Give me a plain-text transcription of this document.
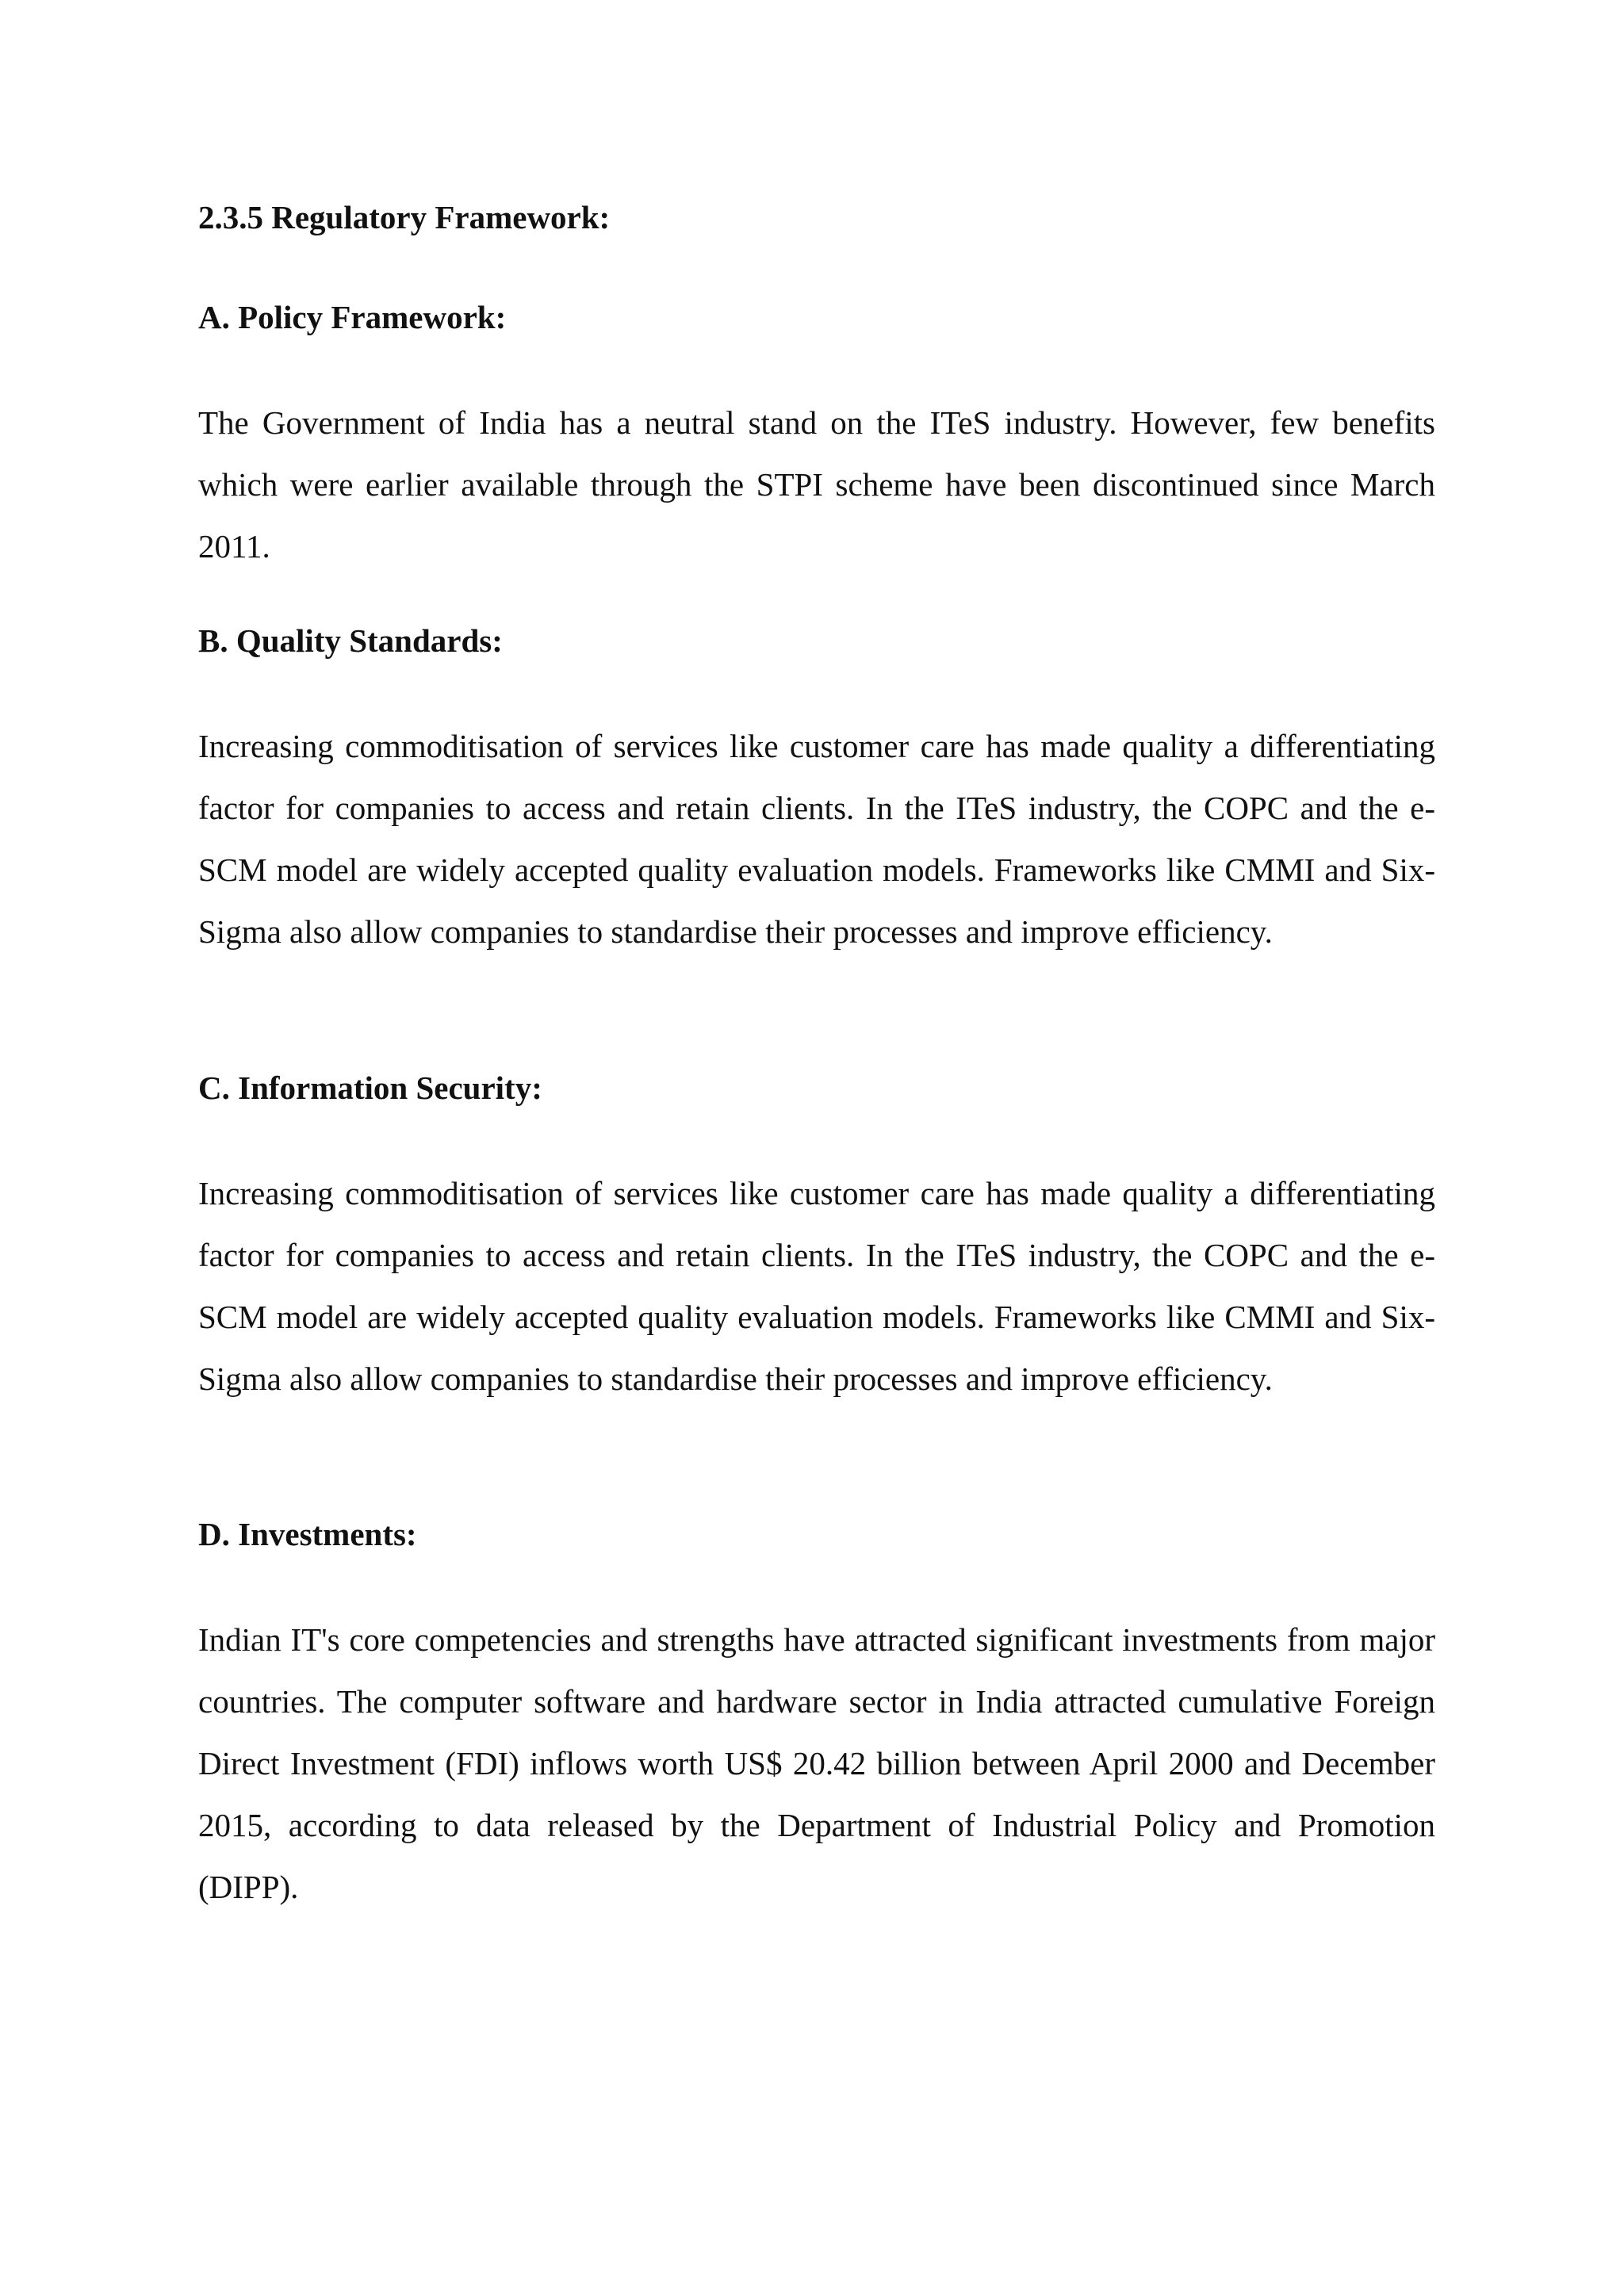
2.3.5 Regulatory Framework:
A. Policy Framework:

The Government of India has a neutral stand on the ITeS industry. However, few benefits which were earlier available through the STPI scheme have been discontinued since March 2011.

B. Quality Standards:

Increasing commoditisation of services like customer care has made quality a differentiating factor for companies to access and retain clients. In the ITeS industry, the COPC and the e-SCM model are widely accepted quality evaluation models. Frameworks like CMMI and Six-Sigma also allow companies to standardise their processes and improve efficiency.

C. Information Security:

Increasing commoditisation of services like customer care has made quality a differentiating factor for companies to access and retain clients. In the ITeS industry, the COPC and the e-SCM model are widely accepted quality evaluation models. Frameworks like CMMI and Six-Sigma also allow companies to standardise their processes and improve efficiency.

D. Investments:

Indian IT's core competencies and strengths have attracted significant investments from major countries. The computer software and hardware sector in India attracted cumulative Foreign Direct Investment (FDI) inflows worth US$ 20.42 billion between April 2000 and December 2015, according to data released by the Department of Industrial Policy and Promotion (DIPP).
